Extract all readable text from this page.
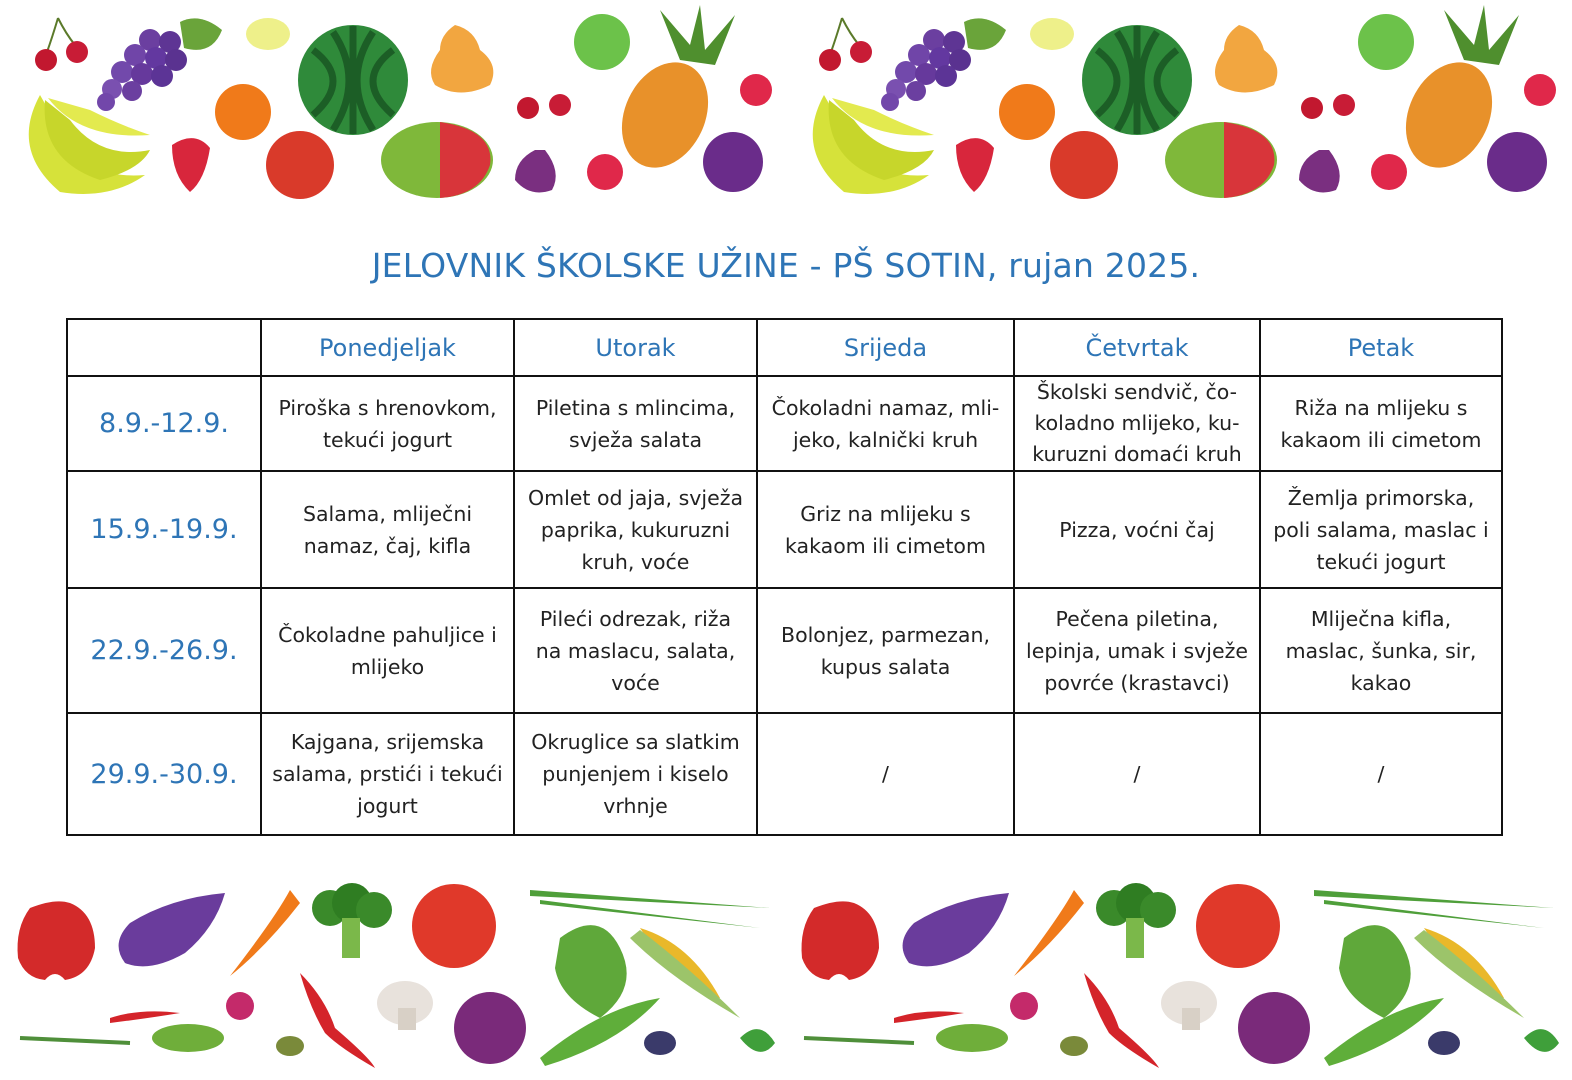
JELOVNIK ŠKOLSKE UŽINE - PŠ SOTIN, rujan 2025.
	Ponedjeljak	Utorak	Srijeda	Četvrtak	Petak
8.9.-12.9.	Piroška s hrenovkom,
tekući jogurt	Piletina s mlincima,
svježa salata	Čokoladni namaz, mli-
jeko, kalnički kruh	Školski sendvič, čo-
koladno mlijeko, ku-
kuruzni domaći kruh	Riža na mlijeku s
kakaom ili cimetom

15.9.-19.9.	Salama, mliječni
namaz, čaj, kifla	Omlet od jaja, svježa
paprika, kukuruzni
kruh, voće	Griz na mlijeku s
kakaom ili cimetom	Pizza, voćni čaj	Žemlja primorska,
poli salama, maslac i
tekući jogurt

22.9.-26.9.	Čokoladne pahuljice i
mlijeko	Pileći odrezak, riža
na maslacu, salata,
voće	Bolonjez, parmezan,
kupus salata	Pečena piletina,
lepinja, umak i svježe
povrće (krastavci)	Mliječna kifla,
maslac, šunka, sir,
kakao

29.9.-30.9.	Kajgana, srijemska
salama, prstići i tekući
jogurt	Okruglice sa slatkim
punjenjem i kiselo
vrhnje	/	/	/
